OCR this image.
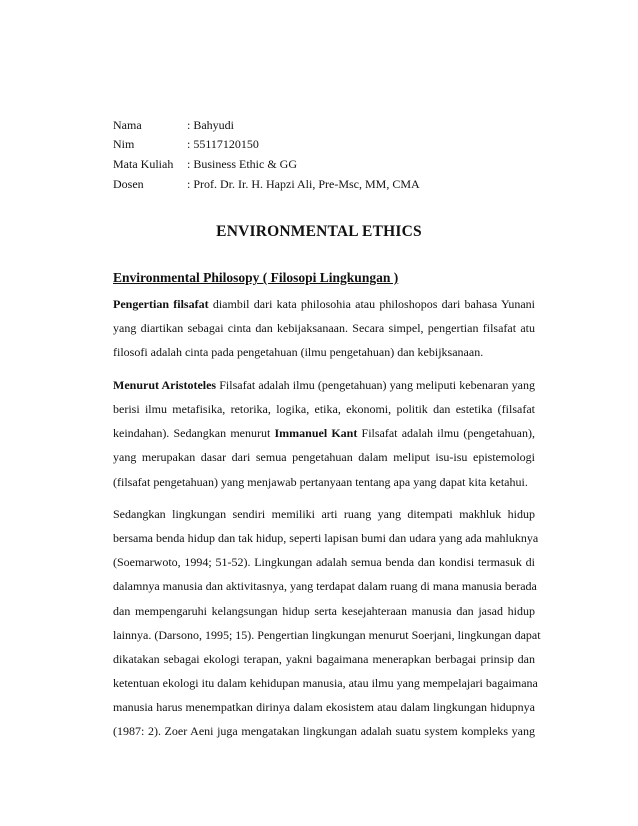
Nama	: Bahyudi
Nim	: 55117120150
Mata Kuliah : Business Ethic & GG
Dosen	: Prof. Dr. Ir. H. Hapzi Ali, Pre-Msc, MM, CMA
ENVIRONMENTAL ETHICS
Environmental Philosopy ( Filosopi Lingkungan )
Pengertian filsafat diambil dari kata philosohia atau philoshopos dari bahasa Yunani
yang diartikan sebagai cinta dan kebijaksanaan. Secara simpel, pengertian filsafat atu
filosofi adalah cinta pada pengetahuan (ilmu pengetahuan) dan kebijksanaan.
Menurut Aristoteles Filsafat adalah ilmu (pengetahuan) yang meliputi kebenaran yang
berisi ilmu metafisika, retorika, logika, etika, ekonomi, politik dan estetika (filsafat
keindahan). Sedangkan menurut Immanuel Kant Filsafat adalah ilmu (pengetahuan),
yang merupakan dasar dari semua pengetahuan dalam meliput isu-isu epistemologi
(filsafat pengetahuan) yang menjawab pertanyaan tentang apa yang dapat kita ketahui.
Sedangkan lingkungan sendiri memiliki arti ruang yang ditempati makhluk hidup
bersama benda hidup dan tak hidup, seperti lapisan bumi dan udara yang ada mahluknya
(Soemarwoto, 1994; 51-52). Lingkungan adalah semua benda dan kondisi termasuk di
dalamnya manusia dan aktivitasnya, yang terdapat dalam ruang di mana manusia berada
dan mempengaruhi kelangsungan hidup serta kesejahteraan manusia dan jasad hidup
lainnya. (Darsono, 1995; 15). Pengertian lingkungan menurut Soerjani, lingkungan dapat
dikatakan sebagai ekologi terapan, yakni bagaimana menerapkan berbagai prinsip dan
ketentuan ekologi itu dalam kehidupan manusia, atau ilmu yang mempelajari bagaimana
manusia harus menempatkan dirinya dalam ekosistem atau dalam lingkungan hidupnya
(1987: 2). Zoer Aeni juga mengatakan lingkungan adalah suatu system kompleks yang
